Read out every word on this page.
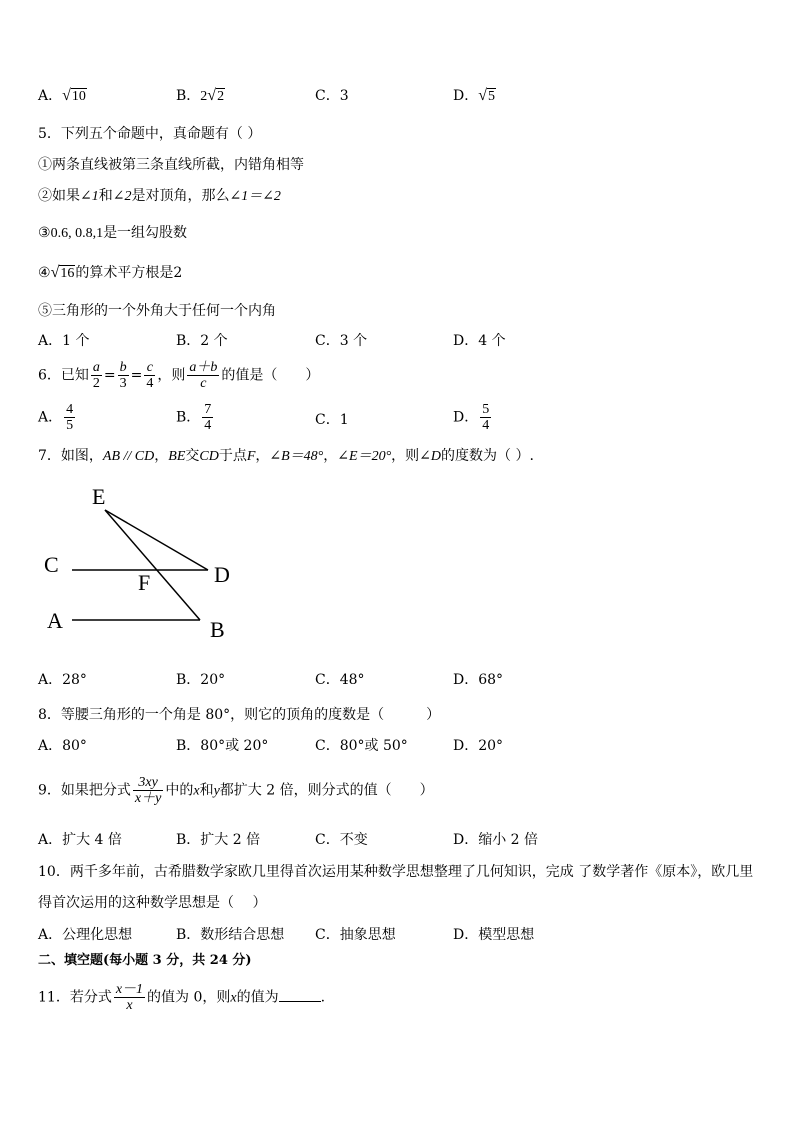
A．√10	B．2√2	C．3	D．√5
5．下列五个命题中，真命题有（ ）
①两条直线被第三条直线所截，内错角相等
②如果∠1和∠2是对顶角，那么∠1＝∠2
③0.6, 0.8,1是一组勾股数
④√16的算术平方根是2
⑤三角形的一个外角大于任何一个内角
A．1 个	B．2 个	C．3 个	D．4 个
6．已知 $\frac{a}{2} = \frac{b}{3} = \frac{c}{4}$ ，则 $\frac{a+b}{c}$ 的值是（　　）
A． $\frac{4}{5}$	B． $\frac{7}{4}$	C．1	D． $\frac{5}{4}$
7．如图，AB // CD，BE交CD于点F，∠B＝48°，∠E＝20°，则∠D的度数为（ ）.
E
C	D
F
A	B
A．28°	B．20°	C．48°	D．68°
8．等腰三角形的一个角是 80°，则它的顶角的度数是（　　　）
A．80°	B．80°或 20°	C．80°或 50°	D．20°
9．如果把分式 $\frac{3xy}{x+y}$ 中的x和y都扩大 2 倍，则分式的值（　　）
A．扩大 4 倍	B．扩大 2 倍	C．不变	D．缩小 2 倍
10．两千多年前，古希腊数学家欧几里得首次运用某种数学思想整理了几何知识，完成 了数学著作《原本》，欧几里
得首次运用的这种数学思想是（　 ）
A．公理化思想	B．数形结合思想 C．抽象思想	D．模型思想
二、填空题(每小题 3 分，共 24 分)
11．若分式 $\frac{x-1}{x}$ 的值为 0，则x的值为	.
